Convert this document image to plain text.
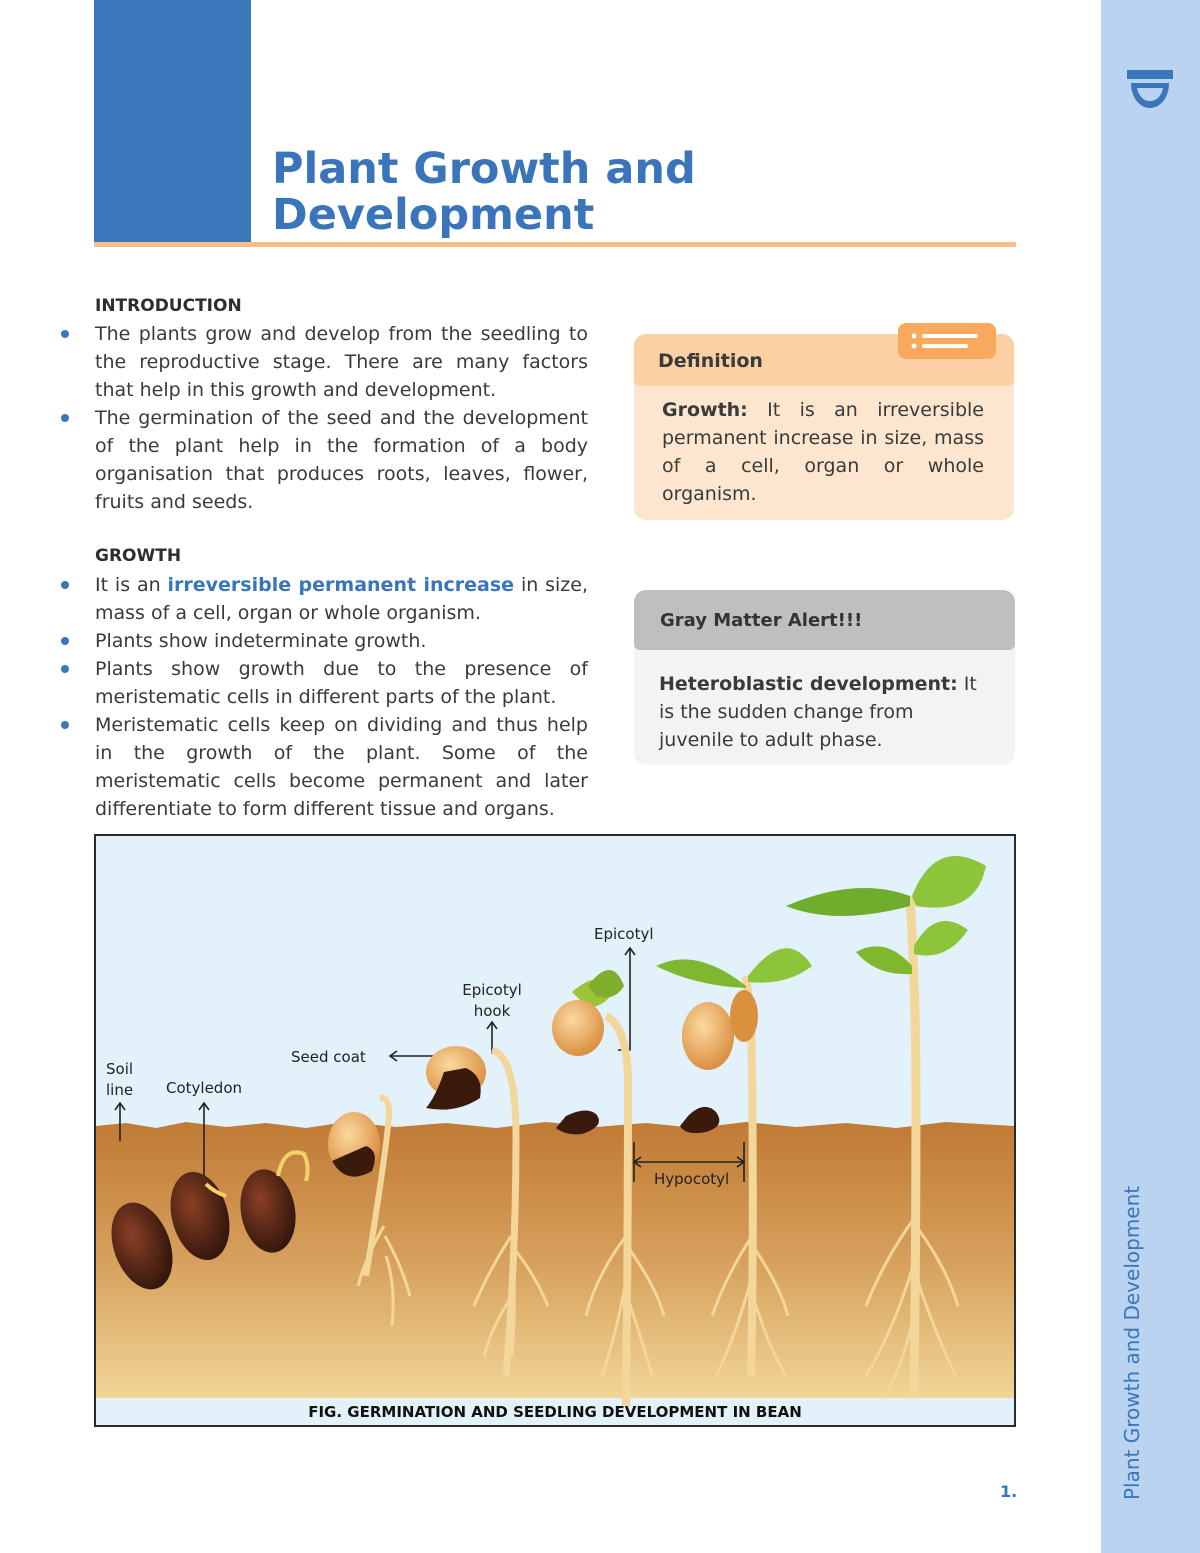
Plant Growth and
Development
Plant Growth and Development
INTRODUCTION
The plants grow and develop from the seedling to the reproductive stage. There are many factors that help in this growth and development.
The germination of the seed and the development of the plant help in the formation of a body organisation that produces roots, leaves, flower, fruits and seeds.
GROWTH
It is an irreversible permanent increase in size, mass of a cell, organ or whole organism.
Plants show indeterminate growth.
Plants show growth due to the presence of meristematic cells in different parts of the plant.
Meristematic cells keep on dividing and thus help in the growth of the plant. Some of the meristematic cells become permanent and later differentiate to form different tissue and organs.
Definition
Growth: It is an irreversible permanent increase in size, mass of a cell, organ or whole organism.
Gray Matter Alert!!!
Heteroblastic development: It is the sudden change from juvenile to adult phase.
Soil
line Cotyledon
Seed coat
Epicotyl
hook
Epicotyl
Hypocotyl
FIG. GERMINATION AND SEEDLING DEVELOPMENT IN BEAN
1.
